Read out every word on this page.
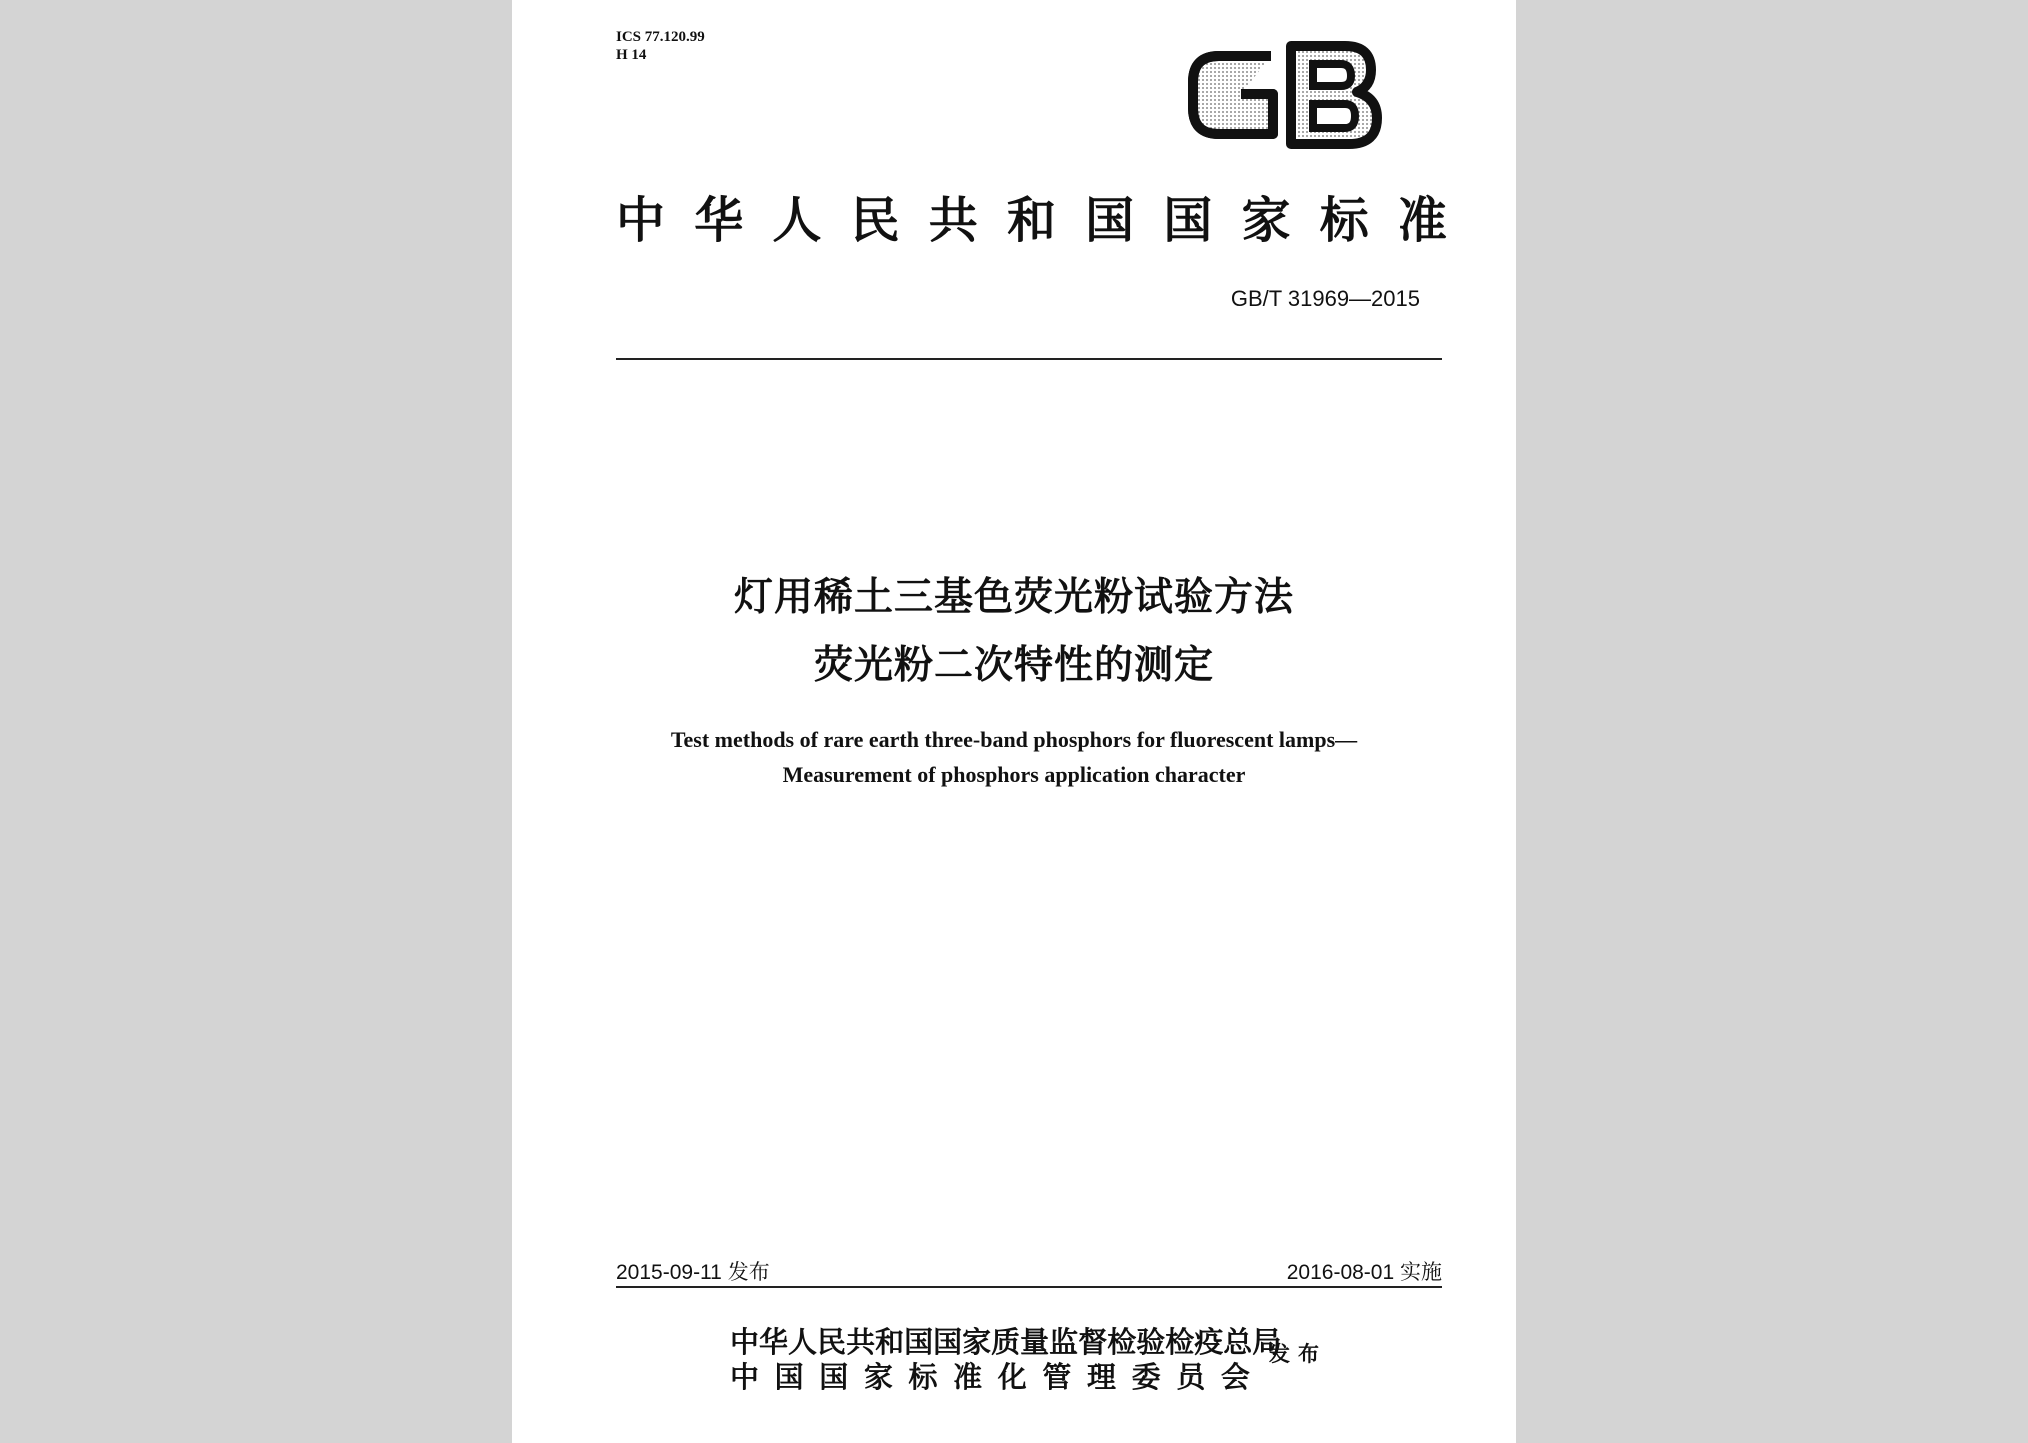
ICS 77.120.99
H 14
中 华 人 民 共 和 国 国 家 标 准
GB/T 31969—2015
灯用稀土三基色荧光粉试验方法
荧光粉二次特性的测定
Test methods of rare earth three-band phosphors for fluorescent lamps—
Measurement of phosphors application character
2015-09-11 发布	2016-08-01 实施
中 华 人 民 共 和 国 国 家 质 量 监 督 检 验 检 疫 总 局
中 国 国 家 标 准 化 管 理 委 员 会
发布
